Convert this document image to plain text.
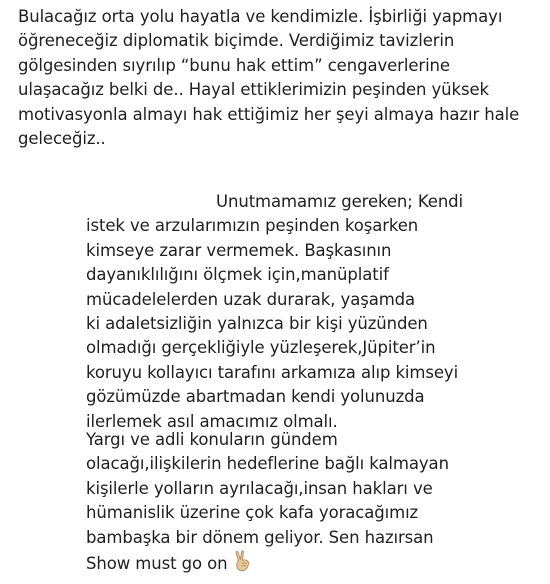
Bulacağız orta yolu hayatla ve kendimizle. İşbirliği yapmayı
öğreneceğiz diplomatik biçimde. Verdiğimiz tavizlerin
gölgesinden sıyrılıp “bunu hak ettim” cengaverlerine
ulaşacağız belki de.. Hayal ettiklerimizin peşinden yüksek
motivasyonla almayı hak ettiğimiz her şeyi almaya hazır hale
geleceğiz..

Unutmamamız gereken; Kendi
istek ve arzularımızın peşinden koşarken
kimseye zarar vermemek. Başkasının
dayanıklılığını ölçmek için,manüplatif
mücadelelerden uzak durarak, yaşamda
ki adaletsizliğin yalnızca bir kişi yüzünden
olmadığı gerçekliğiyle yüzleşerek,Jüpiter’in
koruyu kollayıcı tarafını arkamıza alıp kimseyi
gözümüzde abartmadan kendi yolunuzda
ilerlemek asıl amacımız olmalı.

Yargı ve adli konuların gündem
olacağı,ilişkilerin hedeflerine bağlı kalmayan
kişilerle yolların ayrılacağı,insan hakları ve
hümanislik üzerine çok kafa yoracağımız
bambaşka bir dönem geliyor. Sen hazırsan
Show must go on
